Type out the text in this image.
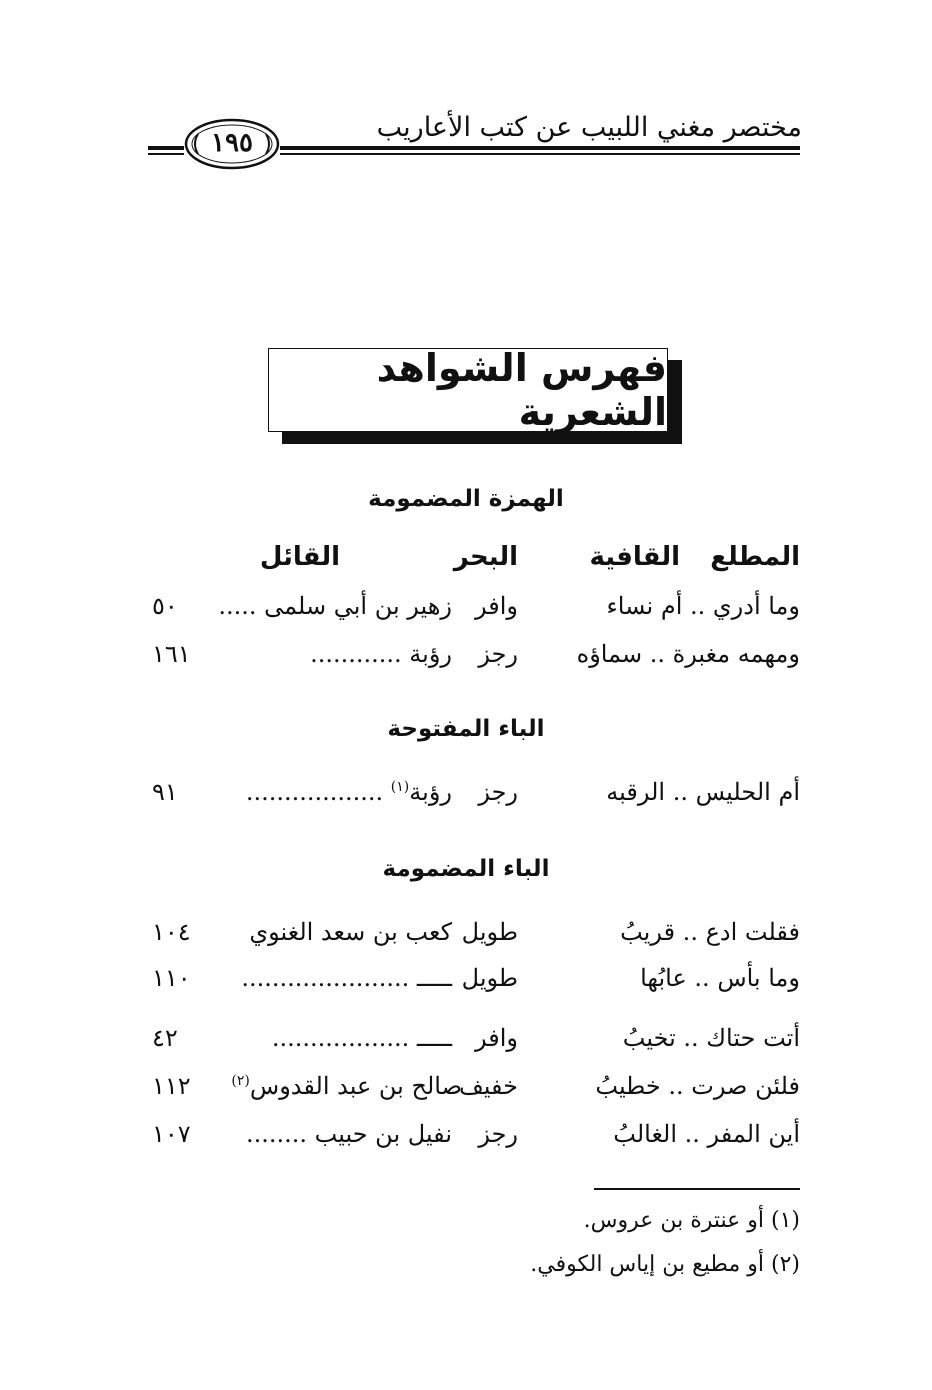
مختصر مغني اللبيب عن كتب الأعاريب
١٩٥
فهرس الشواهد الشعرية
الهمزة المضمومة
المطلع
القافية
البحر
القائل
وما أدري .. أم نساء
وافر
زهير بن أبي سلمى .....
٥٠
ومهمه مغبرة .. سماؤه
رجز
رؤبة ............
١٦١
الباء المفتوحة
أم الحليس .. الرقبه
رجز
رؤبة$^{(١)}$ ..................
٩١
الباء المضمومة
فقلت ادع .. قريبُ
طويل
كعب بن سعد الغنوي
١٠٤
وما بأس .. عابُها
طويل
ـــــ ......................
١١٠
أتت حتاك .. تخيبُ
وافر
ـــــ ..................
٤٢
فلئن صرت .. خطيبُ
خفيف
صالح بن عبد القدوس$^{(٢)}$
١١٢
أين المفر .. الغالبُ
رجز
نفيل بن حبيب ........
١٠٧
(١) أو عنترة بن عروس.
(٢) أو مطيع بن إياس الكوفي.
